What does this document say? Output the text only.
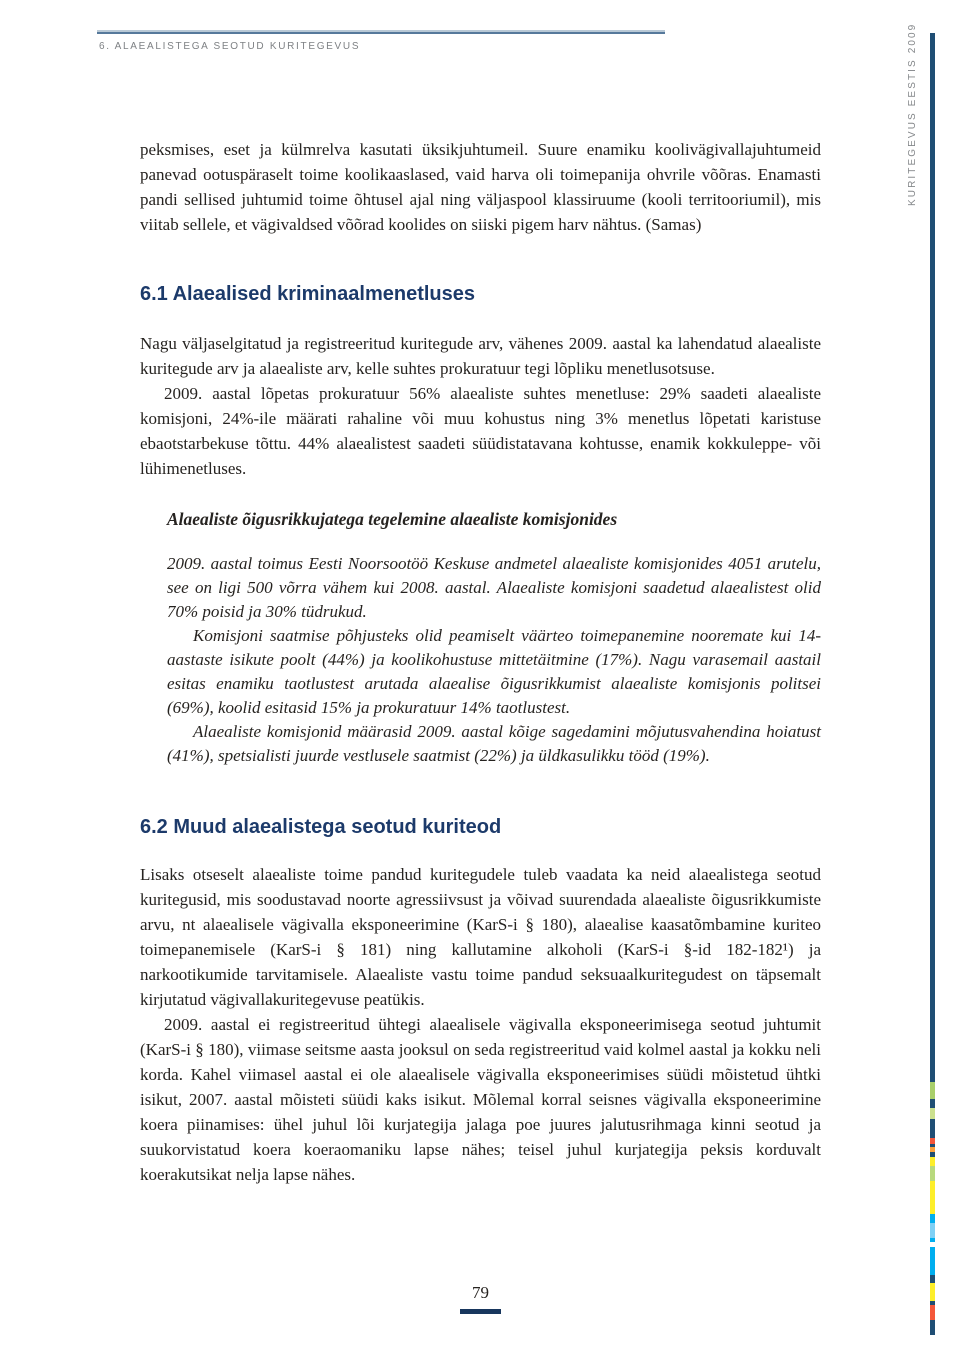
6. ALAEALISTEGA SEOTUD KURITEGEVUS	KURITEGEVUS EESTIS 2009

peksmises, eset ja külmrelva kasutati üksikjuhtumeil. Suure enamiku koolivägivallajuhtumeid panevad ootuspäraselt toime koolikaaslased, vaid harva oli toimepanija ohvrile võõras. Enamasti pandi sellised juhtumid toime õhtusel ajal ning väljaspool klassiruume (kooli territooriumil), mis viitab sellele, et vägivaldsed võõrad koolides on siiski pigem harv nähtus. (Samas)

6.1 Alaealised kriminaalmenetluses

Nagu väljaselgitatud ja registreeritud kuritegude arv, vähenes 2009. aastal ka lahendatud alaealiste kuritegude arv ja alaealiste arv, kelle suhtes prokuratuur tegi lõpliku menetlusotsuse.

2009. aastal lõpetas prokuratuur 56% alaealiste suhtes menetluse: 29% saadeti alaealiste komisjoni, 24%-ile määrati rahaline või muu kohustus ning 3% menetlus lõpetati karistuse ebaotstarbekuse tõttu. 44% alaealistest saadeti süüdistatavana kohtusse, enamik kokkuleppe- või lühimenetluses.

Alaealiste õigusrikkujatega tegelemine alaealiste komisjonides

2009. aastal toimus Eesti Noorsootöö Keskuse andmetel alaealiste komisjonides 4051 arutelu, see on ligi 500 võrra vähem kui 2008. aastal. Alaealiste komisjoni saadetud alaealistest olid 70% poisid ja 30% tüdrukud.

Komisjoni saatmise põhjusteks olid peamiselt väärteo toimepanemine nooremate kui 14-aastaste isikute poolt (44%) ja koolikohustuse mittetäitmine (17%). Nagu varasemail aastail esitas enamiku taotlustest arutada alaealise õigusrikkumist alaealiste komisjonis politsei (69%), koolid esitasid 15% ja prokuratuur 14% taotlustest.

Alaealiste komisjonid määrasid 2009. aastal kõige sagedamini mõjutusvahendina hoiatust (41%), spetsialisti juurde vestlusele saatmist (22%) ja üldkasulikku tööd (19%).

6.2 Muud alaealistega seotud kuriteod

Lisaks otseselt alaealiste toime pandud kuritegudele tuleb vaadata ka neid alaealistega seotud kuritegusid, mis soodustavad noorte agressiivsust ja võivad suurendada alaealiste õigusrikkumiste arvu, nt alaealisele vägivalla eksponeerimine (KarS-i § 180), alaealise kaasatõmbamine kuriteo toimepanemisele (KarS-i § 181) ning kallutamine alkoholi (KarS-i §-id 182-182¹) ja narkootikumide tarvitamisele. Alaealiste vastu toime pandud seksuaalkuritegudest on täpsemalt kirjutatud vägivallakuritegevuse peatükis.

2009. aastal ei registreeritud ühtegi alaealisele vägivalla eksponeerimisega seotud juhtumit (KarS-i § 180), viimase seitsme aasta jooksul on seda registreeritud vaid kolmel aastal ja kokku neli korda. Kahel viimasel aastal ei ole alaealisele vägivalla eksponeerimises süüdi mõistetud ühtki isikut, 2007. aastal mõisteti süüdi kaks isikut. Mõlemal korral seisnes vägivalla eksponeerimine koera piinamises: ühel juhul lõi kurjategija jalaga poe juures jalutusrihmaga kinni seotud ja suukorvistatud koera koeraomaniku lapse nähes; teisel juhul kurjategija peksis korduvalt koerakutsikat nelja lapse nähes.

79
